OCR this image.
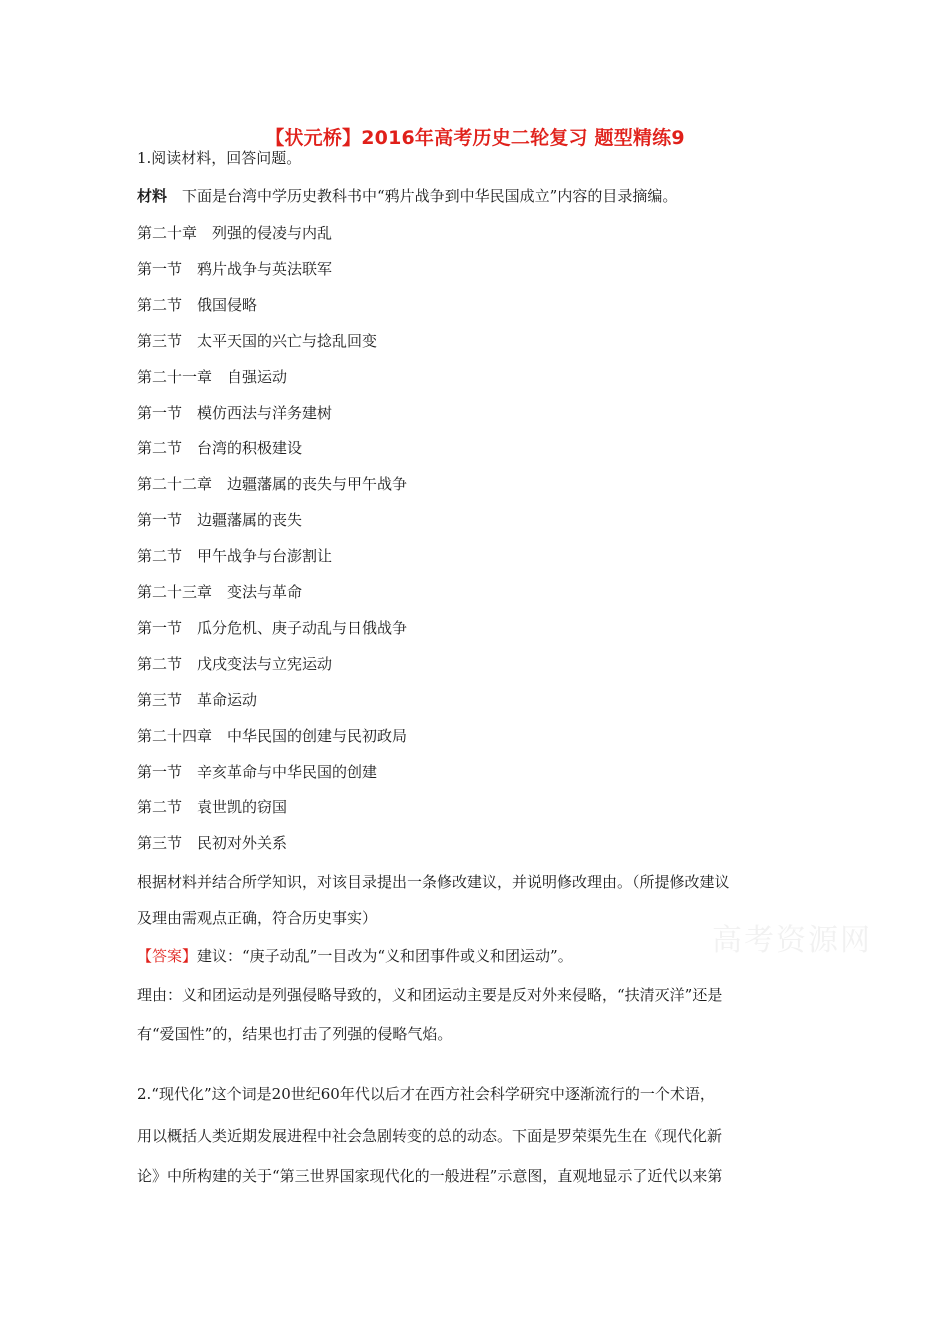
【状元桥】2016年高考历史二轮复习 题型精练9
1.阅读材料，回答问题。
材料　下面是台湾中学历史教科书中“鸦片战争到中华民国成立”内容的目录摘编。
第二十章 列强的侵凌与内乱
第一节 鸦片战争与英法联军
第二节 俄国侵略
第三节 太平天国的兴亡与捻乱回变
第二十一章 自强运动
第一节 模仿西法与洋务建树
第二节 台湾的积极建设
第二十二章 边疆藩属的丧失与甲午战争
第一节 边疆藩属的丧失
第二节 甲午战争与台澎割让
第二十三章 变法与革命
第一节 瓜分危机、庚子动乱与日俄战争
第二节 戊戌变法与立宪运动
第三节 革命运动
第二十四章 中华民国的创建与民初政局
第一节 辛亥革命与中华民国的创建
第二节 袁世凯的窃国
第三节 民初对外关系
根据材料并结合所学知识，对该目录提出一条修改建议，并说明修改理由。（所提修改建议
及理由需观点正确，符合历史事实）
【答案】建议：“庚子动乱”一目改为“义和团事件或义和团运动”。
理由：义和团运动是列强侵略导致的，义和团运动主要是反对外来侵略，“扶清灭洋”还是
有“爱国性”的，结果也打击了列强的侵略气焰。
2.“现代化”这个词是20世纪60年代以后才在西方社会科学研究中逐渐流行的一个术语，
用以概括人类近期发展进程中社会急剧转变的总的动态。下面是罗荣渠先生在《现代化新
论》中所构建的关于“第三世界国家现代化的一般进程”示意图，直观地显示了近代以来第
高考资源网
